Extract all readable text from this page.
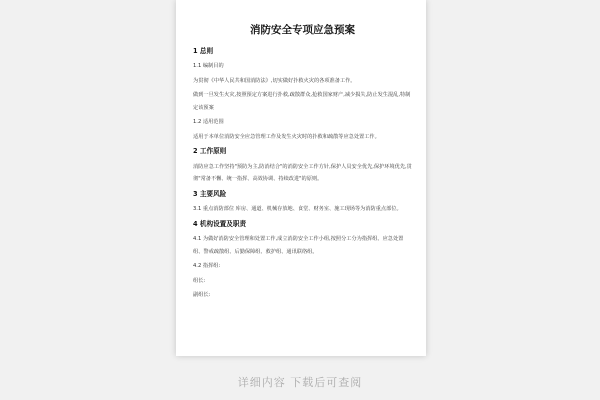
消防安全专项应急预案
1 总则
1.1 编制目的
为贯彻《中华人民共和国消防法》,切实做好扑救火灾的各项准备工作。
做到一旦发生火灾,按照预定方案进行扑救,疏散群众,抢救国家财产,减少损失,防止发生混乱,特制定该预案
1.2 适用范围
适用于本单位消防安全应急管理工作及发生火灾时的扑救和疏散等应急处置工作。
2 工作原则
消防应急工作坚持"预防为主,防消结合"的消防安全工作方针,保护人员安全优先,保护环境优先,贯彻"常备不懈、统一指挥、高效协调、持续改进"的原则。
3 主要风险
3.1 重点消防部位 库房、通道、机械存放地、食堂、财务室、施工现场等为消防重点部位。
4 机构设置及职责
4.1 为做好消防安全管理和处置工作,成立消防安全工作小组,按照分工分为指挥组、应急处置组、警戒疏散组、后勤保障组、救护组、通讯联络组。
4.2 指挥组:
组长:
副组长:
详细内容 下载后可查阅
